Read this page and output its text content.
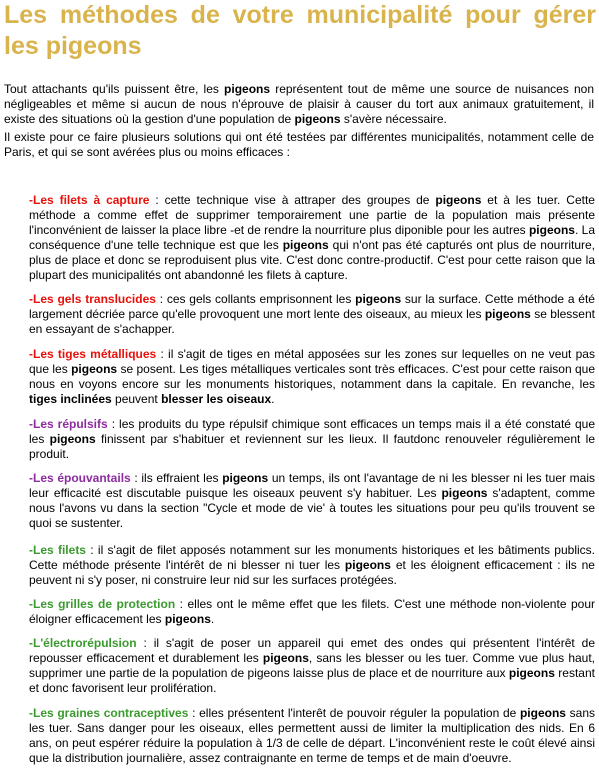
Les méthodes de votre municipalité pour gérer les pigeons

Tout attachants qu'ils puissent être, les pigeons représentent tout de même une source de nuisances non négligeables et même si aucun de nous n'éprouve de plaisir à causer du tort aux animaux gratuitement, il existe des situations où la gestion d'une population de pigeons s'avère nécessaire.

Il existe pour ce faire plusieurs solutions qui ont été testées par différentes municipalités, notamment celle de Paris, et qui se sont avérées plus ou moins efficaces :

-Les filets à capture : cette technique vise à attraper des groupes de pigeons et à les tuer. Cette méthode a comme effet de supprimer temporairement une partie de la population mais présente l'inconvénient de laisser la place libre -et de rendre la nourriture plus diponible pour les autres pigeons. La conséquence d'une telle technique est que les pigeons qui n'ont pas été capturés ont plus de nourriture, plus de place et donc se reproduisent plus vite. C'est donc contre-productif. C'est pour cette raison que la plupart des municipalités ont abandonné les filets à capture.

-Les gels translucides : ces gels collants emprisonnent les pigeons sur la surface. Cette méthode a été largement décriée parce qu'elle provoquent une mort lente des oiseaux, au mieux les pigeons se blessent en essayant de s'achapper.

-Les tiges métalliques : il s'agit de tiges en métal apposées sur les zones sur lequelles on ne veut pas que les pigeons se posent. Les tiges métalliques verticales sont très efficaces. C'est pour cette raison que nous en voyons encore sur les monuments historiques, notamment dans la capitale. En revanche, les tiges inclinées peuvent blesser les oiseaux.

-Les répulsifs : les produits du type répulsif chimique sont efficaces un temps mais il a été constaté que les pigeons finissent par s'habituer et reviennent sur les lieux. Il fautdonc renouveler régulièrement le produit.

-Les épouvantails : ils effraient les pigeons un temps, ils ont l'avantage de ni les blesser ni les tuer mais leur efficacité est discutable puisque les oiseaux peuvent s'y habituer. Les pigeons s'adaptent, comme nous l'avons vu dans la section "Cycle et mode de vie' à toutes les situations pour peu qu'ils trouvent se quoi se sustenter.

-Les filets : il s'agit de filet apposés notamment sur les monuments historiques et les bâtiments publics. Cette méthode présente l'intérêt de ni blesser ni tuer les pigeons et les éloignent efficacement : ils ne peuvent ni s'y poser, ni construire leur nid sur les surfaces protégées.

-Les grilles de protection : elles ont le même effet que les filets. C'est une méthode non-violente pour éloigner efficacement les pigeons.

-L'électrorépulsion : il s'agit de poser un appareil qui emet des ondes qui présentent l'intérêt de repousser efficacement et durablement les pigeons, sans les blesser ou les tuer. Comme vue plus haut, supprimer une partie de la population de pigeons laisse plus de place et de nourriture aux pigeons restant et donc favorisent leur prolifération.

-Les graines contraceptives : elles présentent l'interêt de pouvoir réguler la population de pigeons sans les tuer. Sans danger pour les oiseaux, elles permettent aussi de limiter la multiplication des nids. En 6 ans, on peut espérer réduire la population à 1/3 de celle de départ. L'inconvénient reste le coût élevé ainsi que la distribution journalière, assez contraignante en terme de temps et de main d'oeuvre.
